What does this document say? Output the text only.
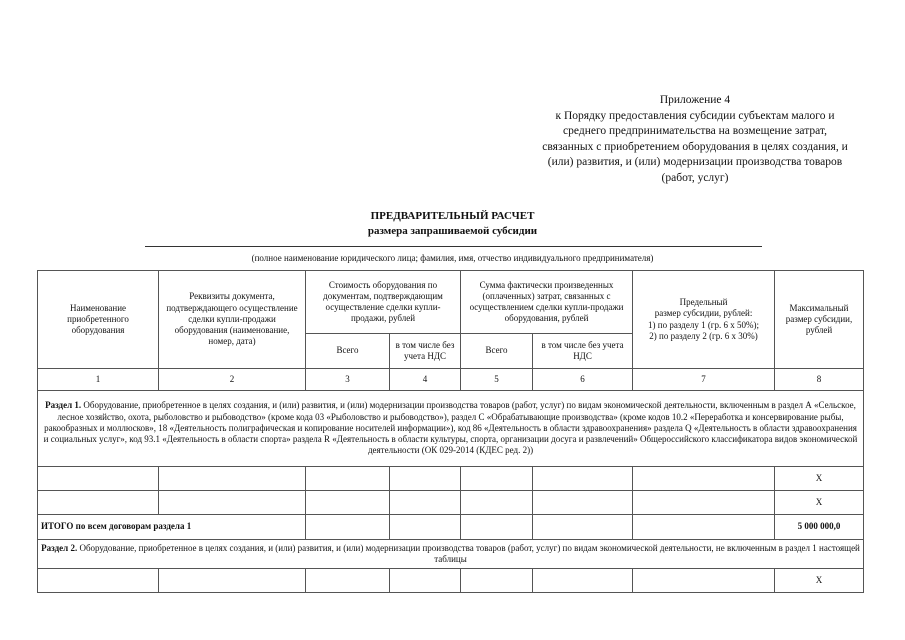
Приложение 4
к Порядку предоставления субсидии субъектам малого и
среднего предпринимательства на возмещение затрат,
связанных с приобретением оборудования в целях создания, и
(или) развития, и (или) модернизации производства товаров
(работ, услуг)
ПРЕДВАРИТЕЛЬНЫЙ РАСЧЕТ
размера запрашиваемой субсидии
(полное наименование юридического лица; фамилия, имя, отчество индивидуального предпринимателя)
Наименование приобретенного оборудования	Реквизиты документа, подтверждающего осуществление сделки купли-продажи оборудования (наименование, номер, дата)	Стоимость оборудования по документам, подтверждающим осуществление сделки купли-продажи, рублей		Сумма фактически произведенных (оплаченных) затрат, связанных с осуществлением сделки купли-продажи оборудования, рублей		Предельный
размер субсидии, рублей:
1) по разделу 1 (гр. 6 х 50%);
2) по разделу 2 (гр. 6 х 30%)	Максимальный размер субсидии, рублей
		Всего	в том числе без учета НДС	Всего	в том числе без учета НДС		
1	2	3	4	5	6	7	8
Раздел 1. Оборудование, приобретенное в целях создания, и (или) развития, и (или) модернизации производства товаров (работ, услуг) по видам экономической деятельности, включенным в раздел А «Сельское, лесное хозяйство, охота, рыболовство и рыбоводство» (кроме кода 03 «Рыболовство и рыбоводство»), раздел С «Обрабатывающие производства» (кроме кодов 10.2 «Переработка и консервирование рыбы, ракообразных и моллюсков», 18 «Деятельность полиграфическая и копирование носителей информации»), код 86 «Деятельность в области здравоохранения» раздела Q «Деятельность в области здравоохранения и социальных услуг», код 93.1 «Деятельность в области спорта» раздела R «Деятельность в области культуры, спорта, организации досуга и развлечений» Общероссийского классификатора видов экономической деятельности (ОК 029-2014 (КДЕС ред. 2))							
							Х
							Х
ИТОГО по всем договорам раздела 1							5 000 000,0
Раздел 2. Оборудование, приобретенное в целях создания, и (или) развития, и (или) модернизации производства товаров (работ, услуг) по видам экономической деятельности, не включенным в раздел 1 настоящей таблицы							
							Х
